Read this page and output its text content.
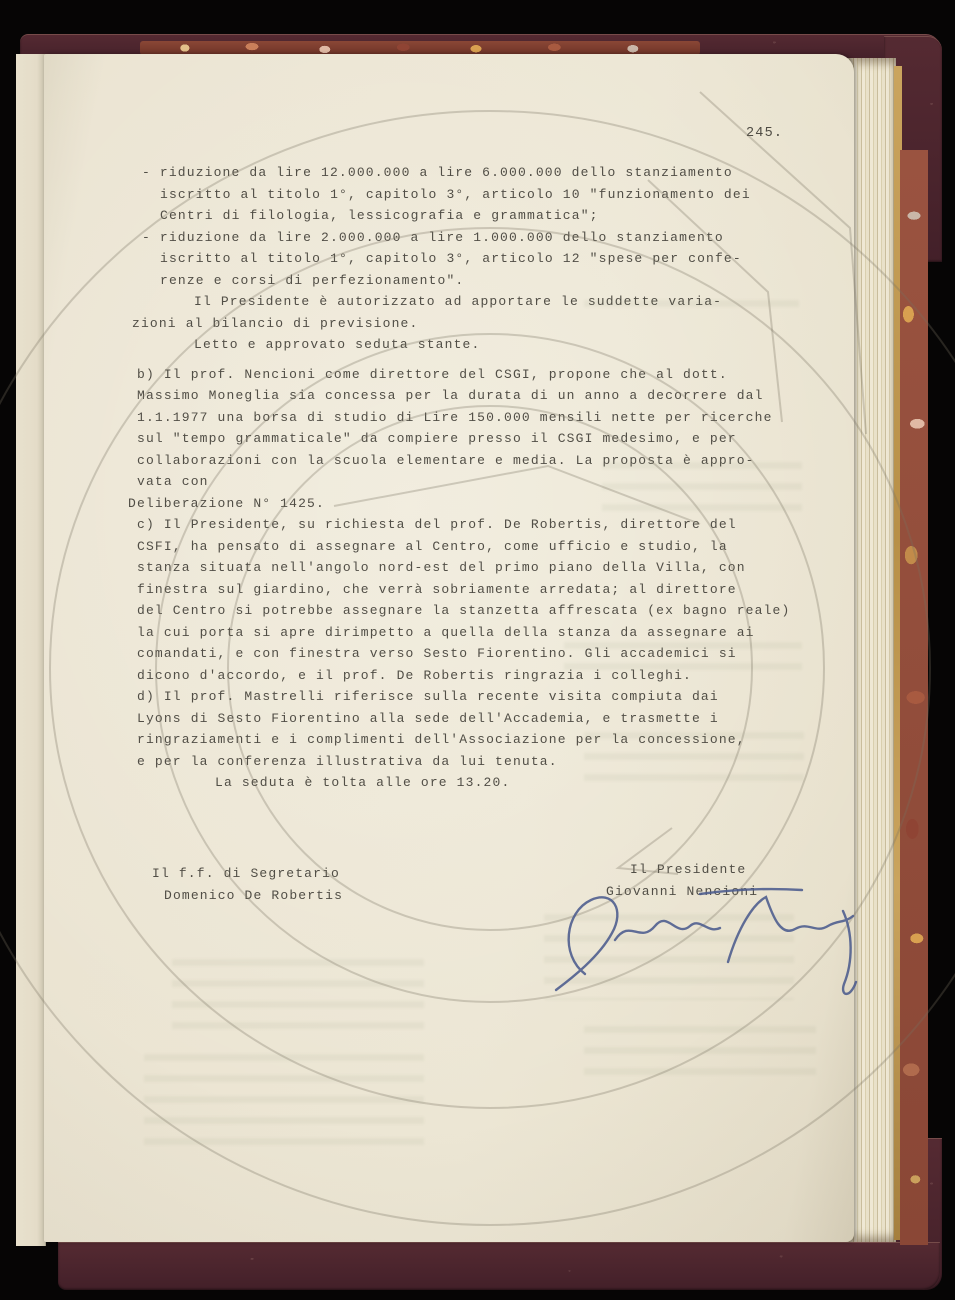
245.
- riduzione da lire 12.000.000 a lire 6.000.000 dello stanziamento
iscritto al titolo 1°, capitolo 3°, articolo 10 "funzionamento dei
Centri di filologia, lessicografia e grammatica";
- riduzione da lire 2.000.000 a lire 1.000.000 dello stanziamento
iscritto al titolo 1°, capitolo 3°, articolo 12 "spese per confe-
renze e corsi di perfezionamento".
Il Presidente è autorizzato ad apportare le suddette varia-
zioni al bilancio di previsione.
Letto e approvato seduta stante.
b) Il prof. Nencioni come direttore del CSGI, propone che al dott.
Massimo Moneglia sia concessa per la durata di un anno a decorrere dal
1.1.1977 una borsa di studio di Lire 150.000 mensili nette per ricerche
sul "tempo grammaticale" da compiere presso il CSGI medesimo, e per
collaborazioni con la scuola elementare e media. La proposta è appro-
vata con
Deliberazione N° 1425.
c) Il Presidente, su richiesta del prof. De Robertis, direttore del
CSFI, ha pensato di assegnare al Centro, come ufficio e studio, la
stanza situata nell'angolo nord-est del primo piano della Villa, con
finestra sul giardino, che verrà sobriamente arredata; al direttore
del Centro si potrebbe assegnare la stanzetta affrescata (ex bagno reale)
la cui porta si apre dirimpetto a quella della stanza da assegnare ai
comandati, e con finestra verso Sesto Fiorentino. Gli accademici si
dicono d'accordo, e il prof. De Robertis ringrazia i colleghi.
d) Il prof. Mastrelli riferisce sulla recente visita compiuta dai
Lyons di Sesto Fiorentino alla sede dell'Accademia, e trasmette i
ringraziamenti e i complimenti dell'Associazione per la concessione,
e per la conferenza illustrativa da lui tenuta.
La seduta è tolta alle ore 13.20.
Il f.f. di Segretario
Domenico De Robertis
Il Presidente
Giovanni Nencioni
